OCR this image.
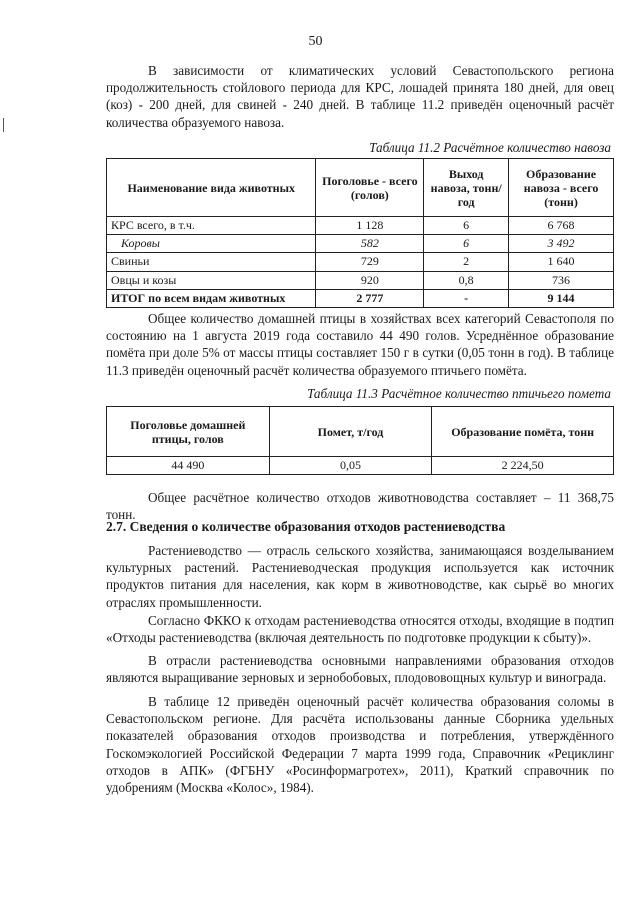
50

В зависимости от климатических условий Севастопольского региона продолжительность стойлового периода для КРС, лошадей принята 180 дней, для овец (коз) - 200 дней, для свиней - 240 дней. В таблице 11.2 приведён оценочный расчёт количества образуемого навоза.

Таблица 11.2 Расчётное количество навоза
Наименование вида животных	Поголовье - всего (голов)	Выход навоза, тонн/год	Образование навоза - всего (тонн)
КРС всего, в т.ч.	1 128	6	6 768
Коровы	582	6	3 492
Свиньи	729	2	1 640
Овцы и козы	920	0,8	736
ИТОГ по всем видам животных	2 777	-	9 144

Общее количество домашней птицы в хозяйствах всех категорий Севастополя по состоянию на 1 августа 2019 года составило 44 490 голов. Усреднённое образование помёта при доле 5% от массы птицы составляет 150 г в сутки (0,05 тонн в год). В таблице 11.3 приведён оценочный расчёт количества образуемого птичьего помёта.

Таблица 11.3 Расчётное количество птичьего помета
Поголовье домашней птицы, голов	Помет, т/год	Образование помёта, тонн
44 490	0,05	2 224,50

Общее расчётное количество отходов животноводства составляет – 11 368,75 тонн.

2.7. Сведения о количестве образования отходов растениеводства

Растениеводство — отрасль сельского хозяйства, занимающаяся возделыванием культурных растений. Растениеводческая продукция используется как источник продуктов питания для населения, как корм в животноводстве, как сырьё во многих отраслях промышленности.

Согласно ФККО к отходам растениеводства относятся отходы, входящие в подтип «Отходы растениеводства (включая деятельность по подготовке продукции к сбыту)».

В отрасли растениеводства основными направлениями образования отходов являются выращивание зерновых и зернобобовых, плодововощных культур и винограда.

В таблице 12 приведён оценочный расчёт количества образования соломы в Севастопольском регионе. Для расчёта использованы данные Сборника удельных показателей образования отходов производства и потребления, утверждённого Госкомэкологией Российской Федерации 7 марта 1999 года, Справочник «Рециклинг отходов в АПК» (ФГБНУ «Росинформагротех», 2011), Краткий справочник по удобрениям (Москва «Колос», 1984).
